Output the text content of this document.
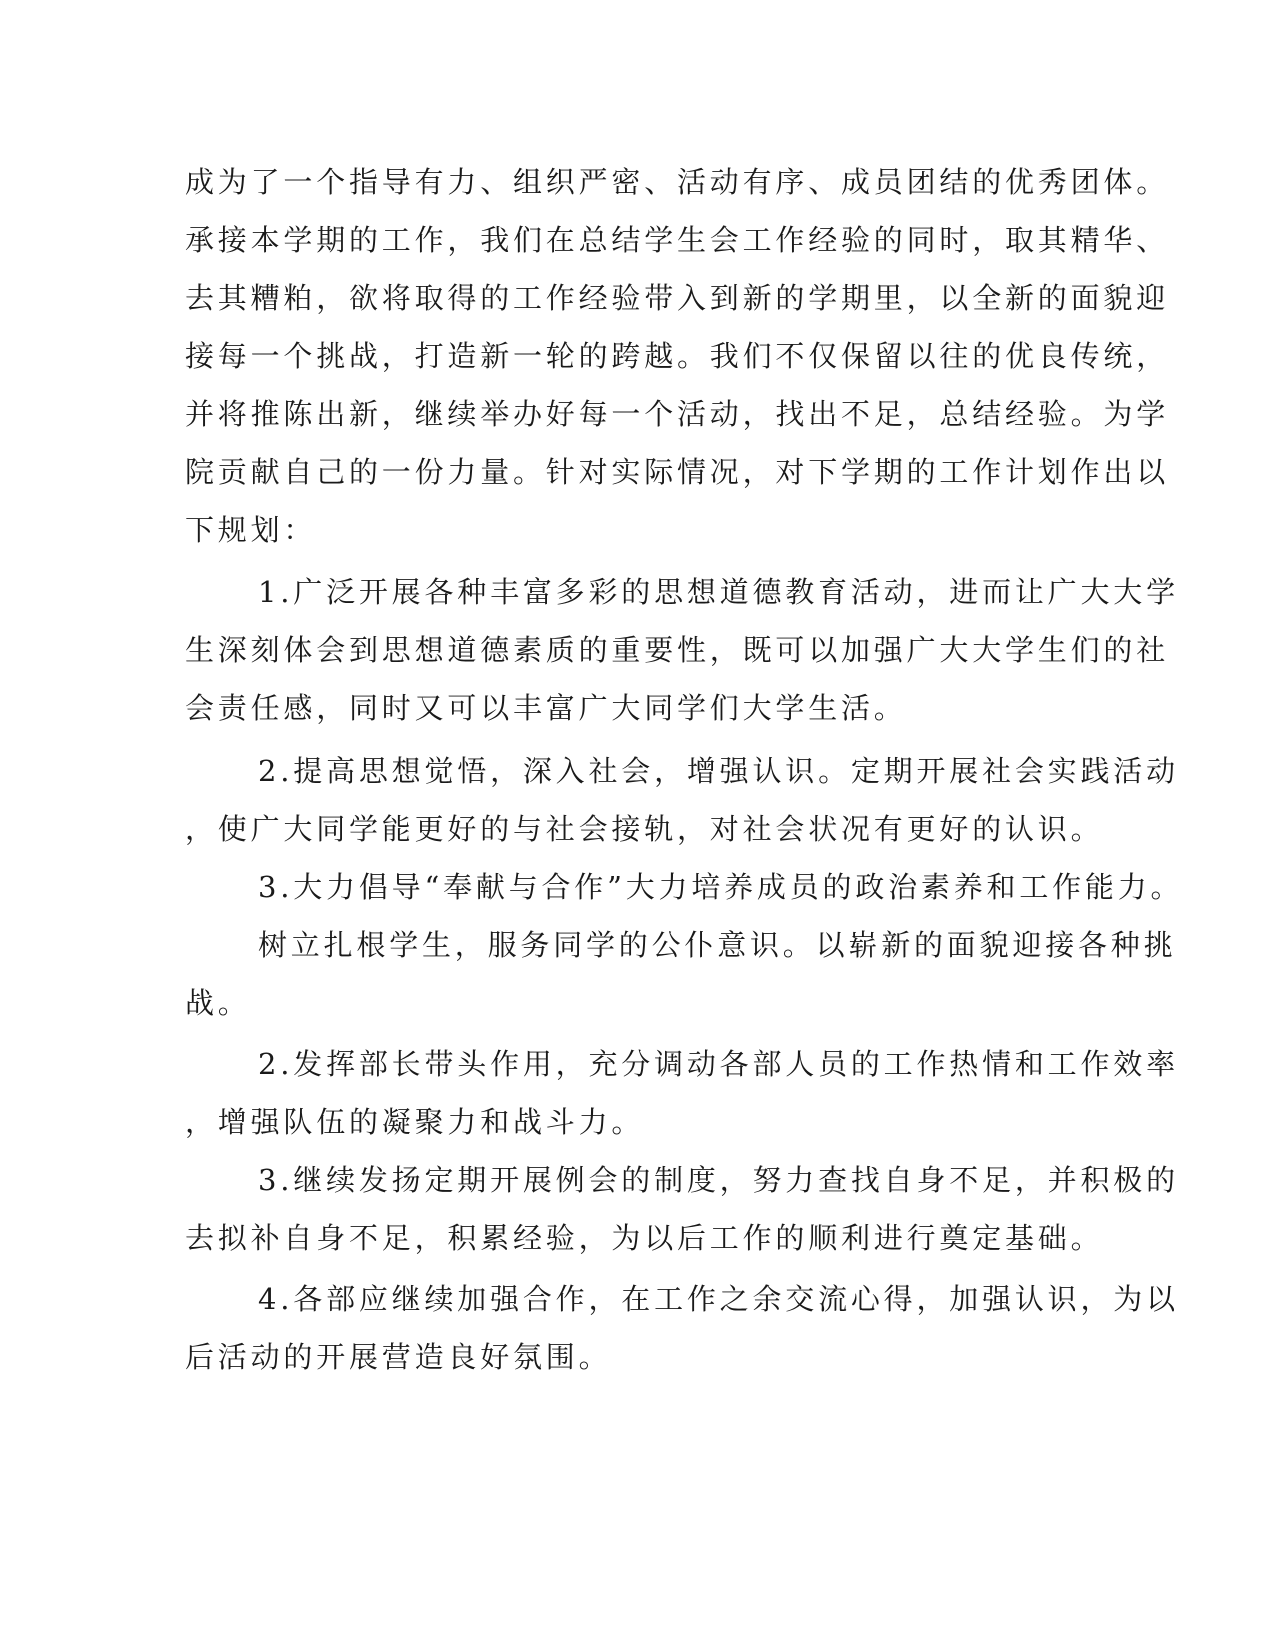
成为了一个指导有力、组织严密、活动有序、成员团结的优秀团体。
承接本学期的工作，我们在总结学生会工作经验的同时，取其精华、
去其糟粕，欲将取得的工作经验带入到新的学期里，以全新的面貌迎
接每一个挑战，打造新一轮的跨越。我们不仅保留以往的优良传统，
并将推陈出新，继续举办好每一个活动，找出不足，总结经验。为学
院贡献自己的一份力量。针对实际情况，对下学期的工作计划作出以
下规划：
1.广泛开展各种丰富多彩的思想道德教育活动，进而让广大大学
生深刻体会到思想道德素质的重要性，既可以加强广大大学生们的社
会责任感，同时又可以丰富广大同学们大学生活。
2.提高思想觉悟，深入社会，增强认识。定期开展社会实践活动
，使广大同学能更好的与社会接轨，对社会状况有更好的认识。
3.大力倡导“奉献与合作”大力培养成员的政治素养和工作能力。
树立扎根学生，服务同学的公仆意识。以崭新的面貌迎接各种挑
战。
2.发挥部长带头作用，充分调动各部人员的工作热情和工作效率
，增强队伍的凝聚力和战斗力。
3.继续发扬定期开展例会的制度，努力查找自身不足，并积极的
去拟补自身不足，积累经验，为以后工作的顺利进行奠定基础。
4.各部应继续加强合作，在工作之余交流心得，加强认识，为以
后活动的开展营造良好氛围。
